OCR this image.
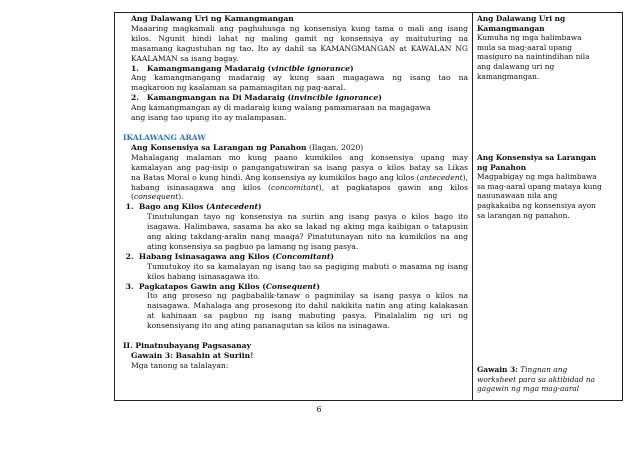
Ang Dalawang Uri ng Kamangmangan
Maaaring magkamali ang paghuhusga ng konsensiya kung tama o mali ang isang
kilos. Ngunit hindi lahat ng maling gamit ng konsensiya ay maituturing na
masamang kagustuhan ng tao. Ito ay dahil sa KAMANGMANGAN at KAWALAN NG
KAALAMAN sa isang bagay.
1. Kamangmangang Madaraig (vincible ignorance)
Ang kamangmangang madaraig ay kung saan magagawa ng isang tao na
magkaroon ng kaalaman sa pamamagitan ng pag-aaral.
2. Kamangmangan na Di Madaraig (invincible ignorance)
Ang kamangmangan ay di madaraig kung walang pamamaraan na magagawa
ang isang tao upang ito ay malampasan.
IKALAWANG ARAW
Ang Konsensiya sa Larangan ng Panahon (Ilagan, 2020)
Mahalagang malaman mo kung paano kumikilos ang konsensiya upang may
kamalayan ang pag-iisip o pangangatuwiran sa isang pasya o kilos batay sa Likas
na Batas Moral o kung hindi. Ang konsensiya ay kumikilos bago ang kilos (antecedent),
habang isinasagawa ang kilos (concomitant), at pagkatapos gawin ang kilos
(consequent).
1. Bago ang Kilos (Antecedent)
Tinutulungan tayo ng konsensiya na suriin ang isang pasya o kilos bago ito
isagawa. Halimbawa, sasama ba ako sa lakad ng aking mga kaibigan o tatapusin
ang aking takdang-aralin nang maaga? Pinatutunayan nito na kumikilos na ang
ating konsensiya sa pagbuo pa lamang ng isang pasya.
2. Habang Isinasagawa ang Kilos (Concomitant)
Tumutukoy ito sa kamalayan ng isang tao sa pagiging mabuti o masama ng isang
kilos habang isinasagawa ito.
3. Pagkatapos Gawin ang Kilos (Consequent)
Ito ang proseso ng pagbabalik-tanaw o pagninilay sa isang pasya o kilos na
naisagawa. Mahalaga ang prosesong ito dahil nakikita natin ang ating kalakasan
at kahinaan sa pagbuo ng isang mabuting pasya. Pinalalalim ng uri ng
konsensiyang ito ang ating pananagutan sa kilos na isinagawa.
II. Pinatnubayang Pagsasanay
Gawain 3: Basahin at Suriin!
Mga tanong sa talalayan:
Ang Dalawang Uri ng
Kamangmangan
Kumuha ng mga halimbawa
mula sa mag-aaral upang
masiguro na naintindihan nila
ang dalawang uri ng
kamangmangan.
Ang Konsensiya sa Larangan
ng Panahon
Magpabigay ng mga halimbawa
sa mag-aaral upang mataya kung
nauunawaan nila ang
pagkakaiba ng konsensiya ayon
sa larangan ng panahon.
Gawain 3: Tingnan ang
worksheet para sa aktibidad na
gagawin ng mga mag-aaral
6
